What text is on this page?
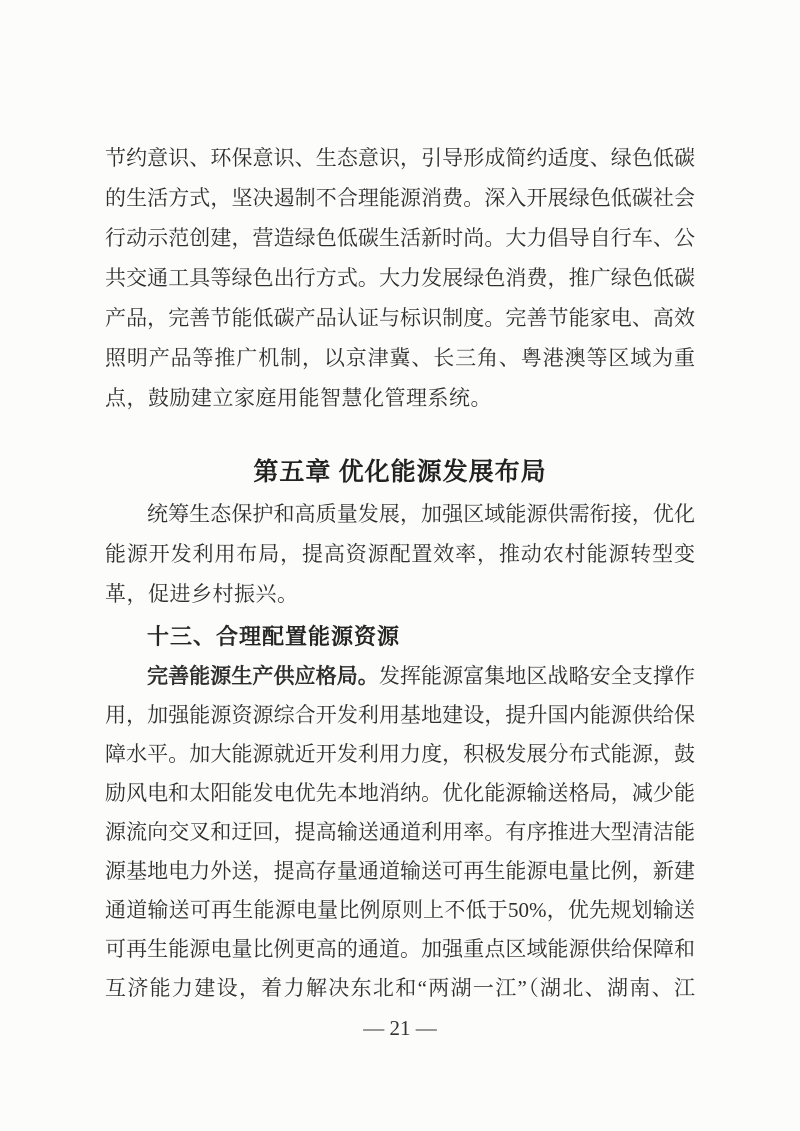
节约意识、环保意识、生态意识，引导形成简约适度、绿色低碳
的生活方式，坚决遏制不合理能源消费。深入开展绿色低碳社会
行动示范创建，营造绿色低碳生活新时尚。大力倡导自行车、公
共交通工具等绿色出行方式。大力发展绿色消费，推广绿色低碳
产品，完善节能低碳产品认证与标识制度。完善节能家电、高效
照明产品等推广机制，以京津冀、长三角、粤港澳等区域为重
点，鼓励建立家庭用能智慧化管理系统。
第五章 优化能源发展布局
统筹生态保护和高质量发展，加强区域能源供需衔接，优化
能源开发利用布局，提高资源配置效率，推动农村能源转型变
革，促进乡村振兴。
十三、合理配置能源资源
完善能源生产供应格局。发挥能源富集地区战略安全支撑作
用，加强能源资源综合开发利用基地建设，提升国内能源供给保
障水平。加大能源就近开发利用力度，积极发展分布式能源，鼓
励风电和太阳能发电优先本地消纳。优化能源输送格局，减少能
源流向交叉和迂回，提高输送通道利用率。有序推进大型清洁能
源基地电力外送，提高存量通道输送可再生能源电量比例，新建
通道输送可再生能源电量比例原则上不低于50%，优先规划输送
可再生能源电量比例更高的通道。加强重点区域能源供给保障和
互济能力建设，着力解决东北和“两湖一江”（湖北、湖南、江
— 21 —
